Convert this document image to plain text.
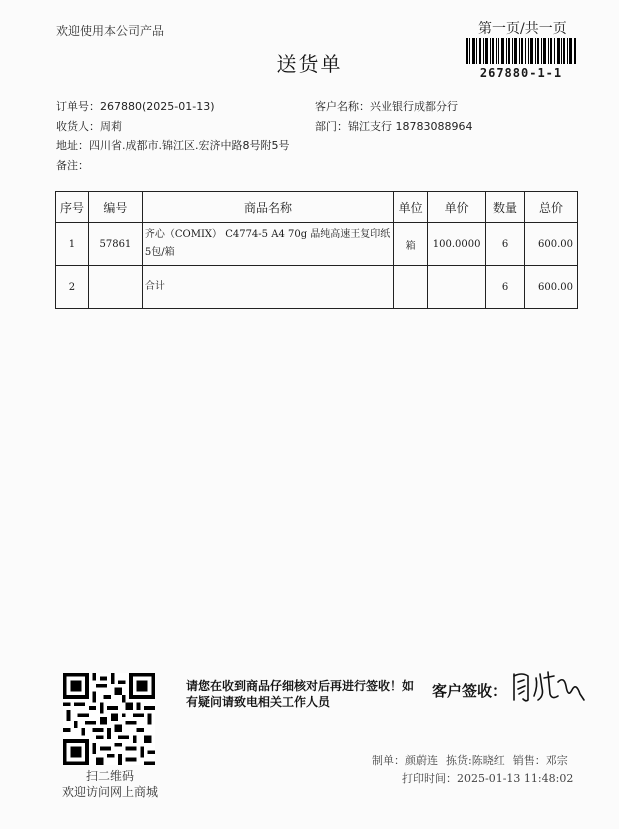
欢迎使用本公司产品	第一页/共一页
送货单	267880-1-1
订单号：267880(2025-01-13)
收货人：周莉
地址：四川省.成都市.锦江区.宏济中路8号附5号
备注：
客户名称：兴业银行成都分行
部门：锦江支行 18783088964
序号	编号	商品名称	单位	单价	数量	总价
1	57861	齐心（COMIX） C4774-5 A4 70g 晶纯高速王复印纸 5包/箱	箱	100.0000	6	600.00
2		合计			6	600.00
扫二维码
欢迎访问网上商城
请您在收到商品仔细核对后再进行签收！如有疑问请致电相关工作人员
客户签收：
制单：颜蔚连 拣货:陈晓红 销售：邓宗
打印时间：2025-01-13 11:48:02
